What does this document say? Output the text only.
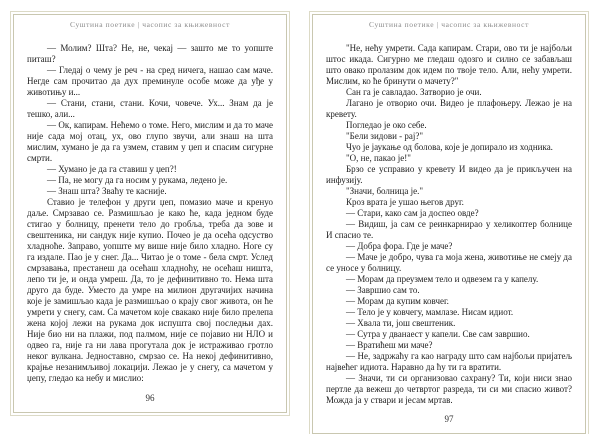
Суштина поетике | часопис за књижевност

— Молим? Шта? Не, не, чекај — зашто ме то уопште питаш?

— Гледај о чему је реч - на сред ничега, нашао сам маче. Негде сам прочитао да дух преминуле особе може да уђе у животињу и...

— Стани, стани, стани. Кочи, човече. Ух... Знам да је тешко, али...

— Ок, капирам. Нећемо о томе. Него, мислим и да то маче није сада мој отац, ух, ово глупо звучи, али знаш на шта мислим, хумано је да га узмем, ставим у џеп и спасим сигурне смрти.

— Хумано је да га ставиш у џеп?!

— Па, не могу да га носим у рукама, ледено је.

— Знаш шта? Зваћу те касније.

Ставио је телефон у други џеп, помазио маче и кренуо даље. Смрзавао се. Размишљао је како ће, када једном буде стигао у болницу, пренети тело до гробља, треба да зове и свештеника, ни сандук није купио. Почео је да осећа одсуство хладноће. Заправо, уопште му више није било хладно. Ноге су га издале. Пао је у снег. Да... Читао је о томе - бела смрт. Услед смрзавања, престанеш да осећаш хладноћу, не осећаш ништа, лепо ти је, и онда умреш. Да, то је дефинитивно то. Нема шта друго да буде. Уместо да умре на милион другачијих начина које је замишљао када је размишљао о крају свог живота, он ће умрети у снегу, сам. Са мачетом које свакако није било прелепа жена којој лежи на рукама док испушта свој последњи дах. Није био ни на плажи, под палмом, није се појавио ни НЛО и одвео га, није га ни лава прогутала док је истраживао гротло неког вулкана. Једноставно, смрзао се. На некој дефинитивно, крајње незанимљивој локацији. Лежао је у снегу, са мачетом у џепу, гледао ка небу и мислио:

96
Суштина поетике | часопис за књижевност

"Не, нећу умрети. Сада капирам. Стари, ово ти је најбољи штос икада. Сигурно ме гледаш одозго и силно се забављаш што овако пролазим док идем по твоје тело. Али, нећу умрети. Мислим, ко ће бринути о мачету?"

Сан га је савладао. Затворио је очи.

Лагано је отворио очи. Видео је плафоњеру. Лежао је на кревету.

Погледао је око себе.

"Бели зидови - рај?"

Чуо је јаукање од болова, које је допирало из ходника.

"О, не, пакао је!"

Брзо се усправио у кревету И видео да је прикључен на инфузију.

"Значи, болница је."

Кроз врата је ушао његов друг.

— Стари, како сам ја доспео овде?

— Видиш, ја сам се реинкарнирао у хеликоптер болнице И спасио те.

— Добра фора. Где је маче?

— Маче је добро, чува га моја жена, животиње не смеју да се уносе у болницу.

— Морам да преузмем тело и одвезем га у капелу.

— Завршио сам то.

— Морам да купим ковчег.

— Тело је у ковчегу, мамлазе. Нисам идиот.

— Хвала ти, још свештеник.

— Сутра у дванаест у капели. Све сам завршио.

— Вратићеш ми маче?

— Не, задржаћу га као награду што сам најбољи пријатељ највећег идиота. Наравно да ћу ти га вратити.

— Значи, ти си организовао сахрану? Ти, који ниси знао пертле да вежеш до четвртог разреда, ти си ми спасио живот? Можда ја у ствари и јесам мртав.

97
